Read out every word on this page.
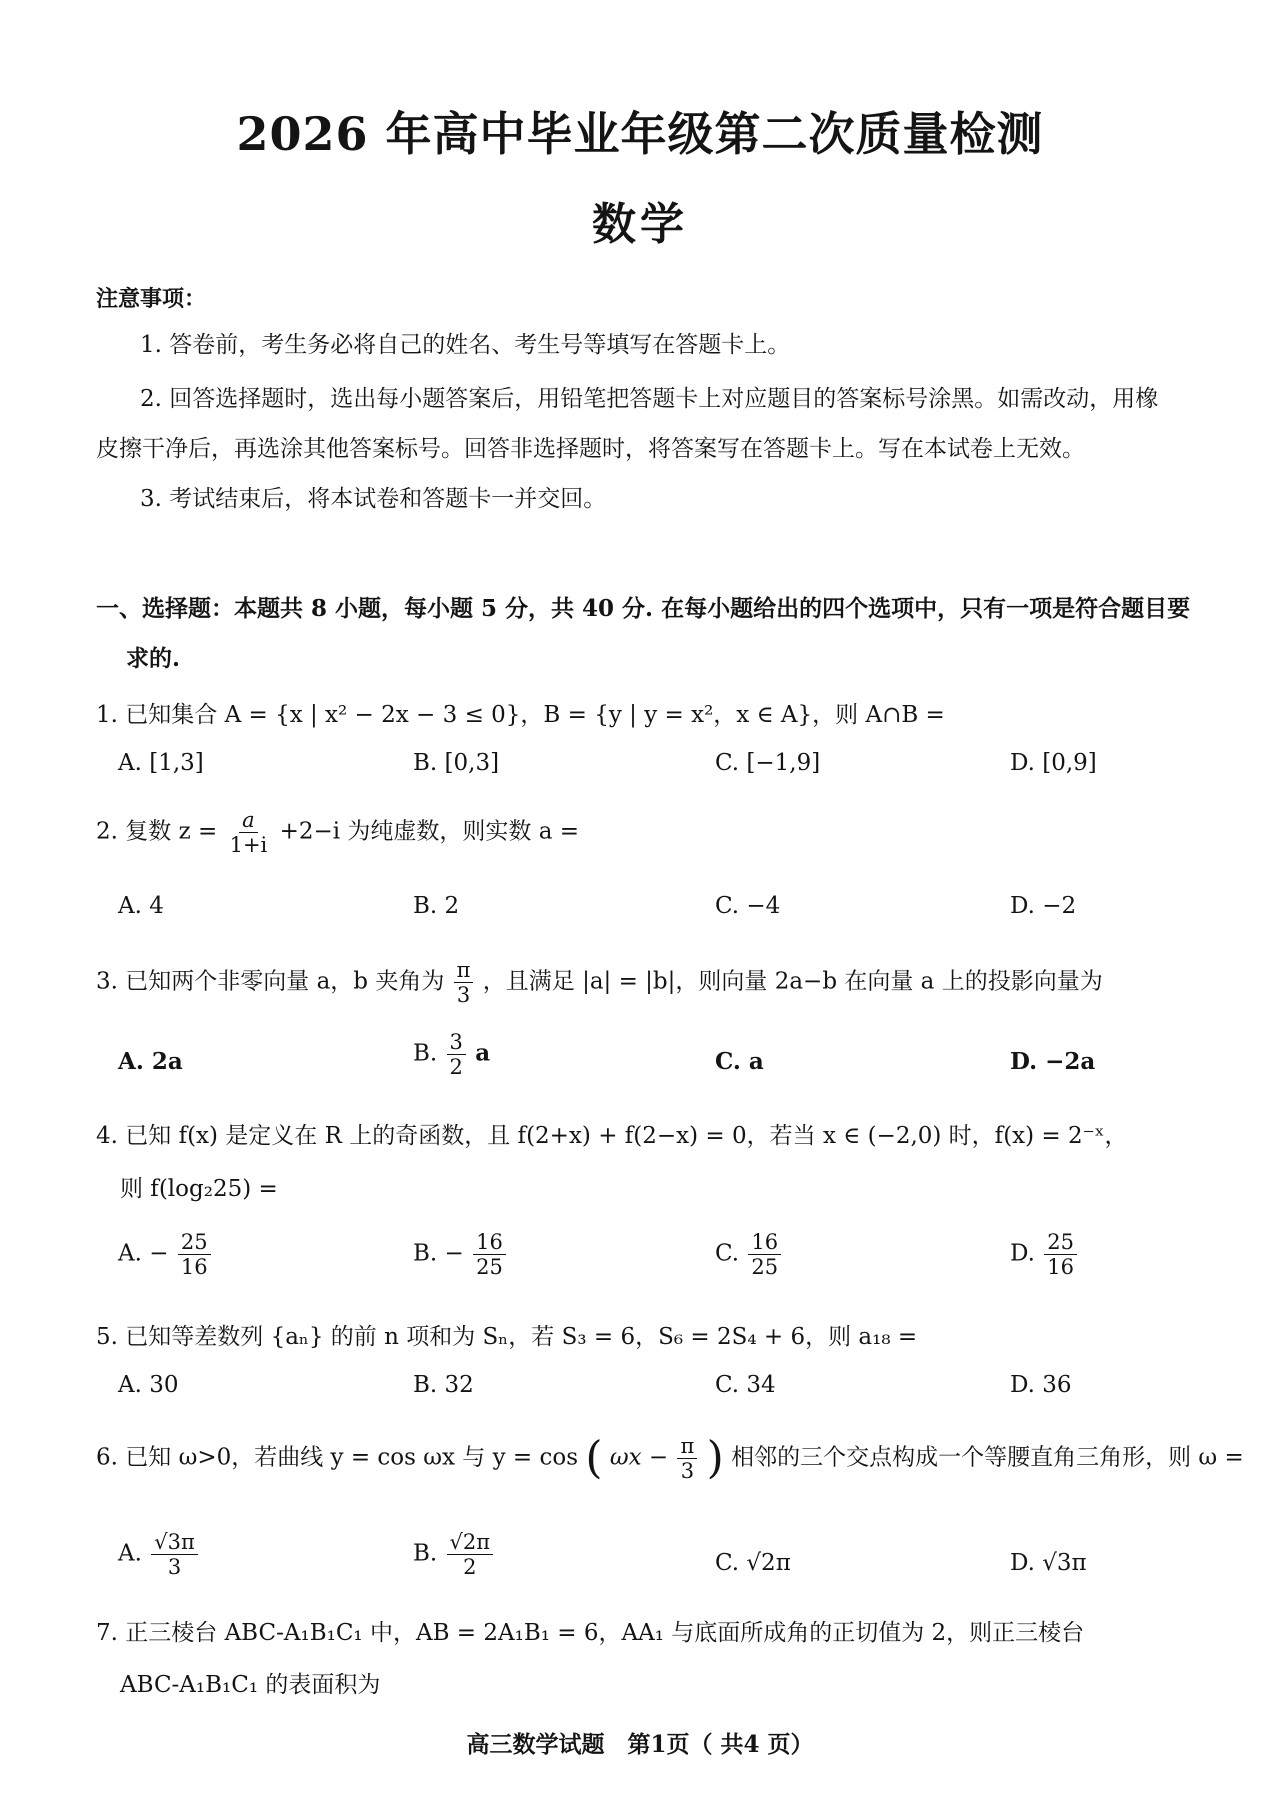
2026 年高中毕业年级第二次质量检测
数学
注意事项：
1. 答卷前，考生务必将自己的姓名、考生号等填写在答题卡上。
2. 回答选择题时，选出每小题答案后，用铅笔把答题卡上对应题目的答案标号涂黑。如需改动，用橡
皮擦干净后，再选涂其他答案标号。回答非选择题时，将答案写在答题卡上。写在本试卷上无效。
3. 考试结束后，将本试卷和答题卡一并交回。
一、选择题：本题共 8 小题，每小题 5 分，共 40 分. 在每小题给出的四个选项中，只有一项是符合题目要
求的.
1. 已知集合 A = {x | x² − 2x − 3 ≤ 0}，B = {y | y = x²，x ∈ A}，则 A∩B =
A. [1,3]	B. [0,3]	C. [−1,9]	D. [0,9]
2. 复数 $z = \frac{a}{1+i} +2-i$ 为纯虚数，则实数 a =
A. 4	B. 2	C. −4	D. −2
3. 已知两个非零向量 a，b 夹角为 $\frac{\pi}{3}$ ，且满足 |a| = |b|，则向量 2a−b 在向量 a 上的投影向量为
A. 2a	B. $\frac{3}{2}$ a	C. a	D. −2a
4. 已知 f(x) 是定义在 R 上的奇函数，且 f(2+x) + f(2−x) = 0，若当 x ∈ (−2,0) 时，f(x) = 2⁻ˣ，
则 f(log₂25) =
A. − $\frac{25}{16}$	B. − $\frac{16}{25}$	C. $\frac{16}{25}$	D. $\frac{25}{16}$
5. 已知等差数列 {aₙ} 的前 n 项和为 Sₙ，若 S₃ = 6，S₆ = 2S₄ + 6，则 a₁₈ =
A. 30	B. 32	C. 34	D. 36
6. 已知 ω>0，若曲线 y = cos ωx 与 y = cos ( $\omega x - \frac{\pi}{3}$ ) 相邻的三个交点构成一个等腰直角三角形，则 ω =
A. $\frac{√3\pi}{3}$	B. $\frac{√2\pi}{2}$	C. √2π	D. √3π
7. 正三棱台 ABC-A₁B₁C₁ 中，AB = 2A₁B₁ = 6，AA₁ 与底面所成角的正切值为 2，则正三棱台
ABC-A₁B₁C₁ 的表面积为
高三数学试题　第1页（ 共4 页）
